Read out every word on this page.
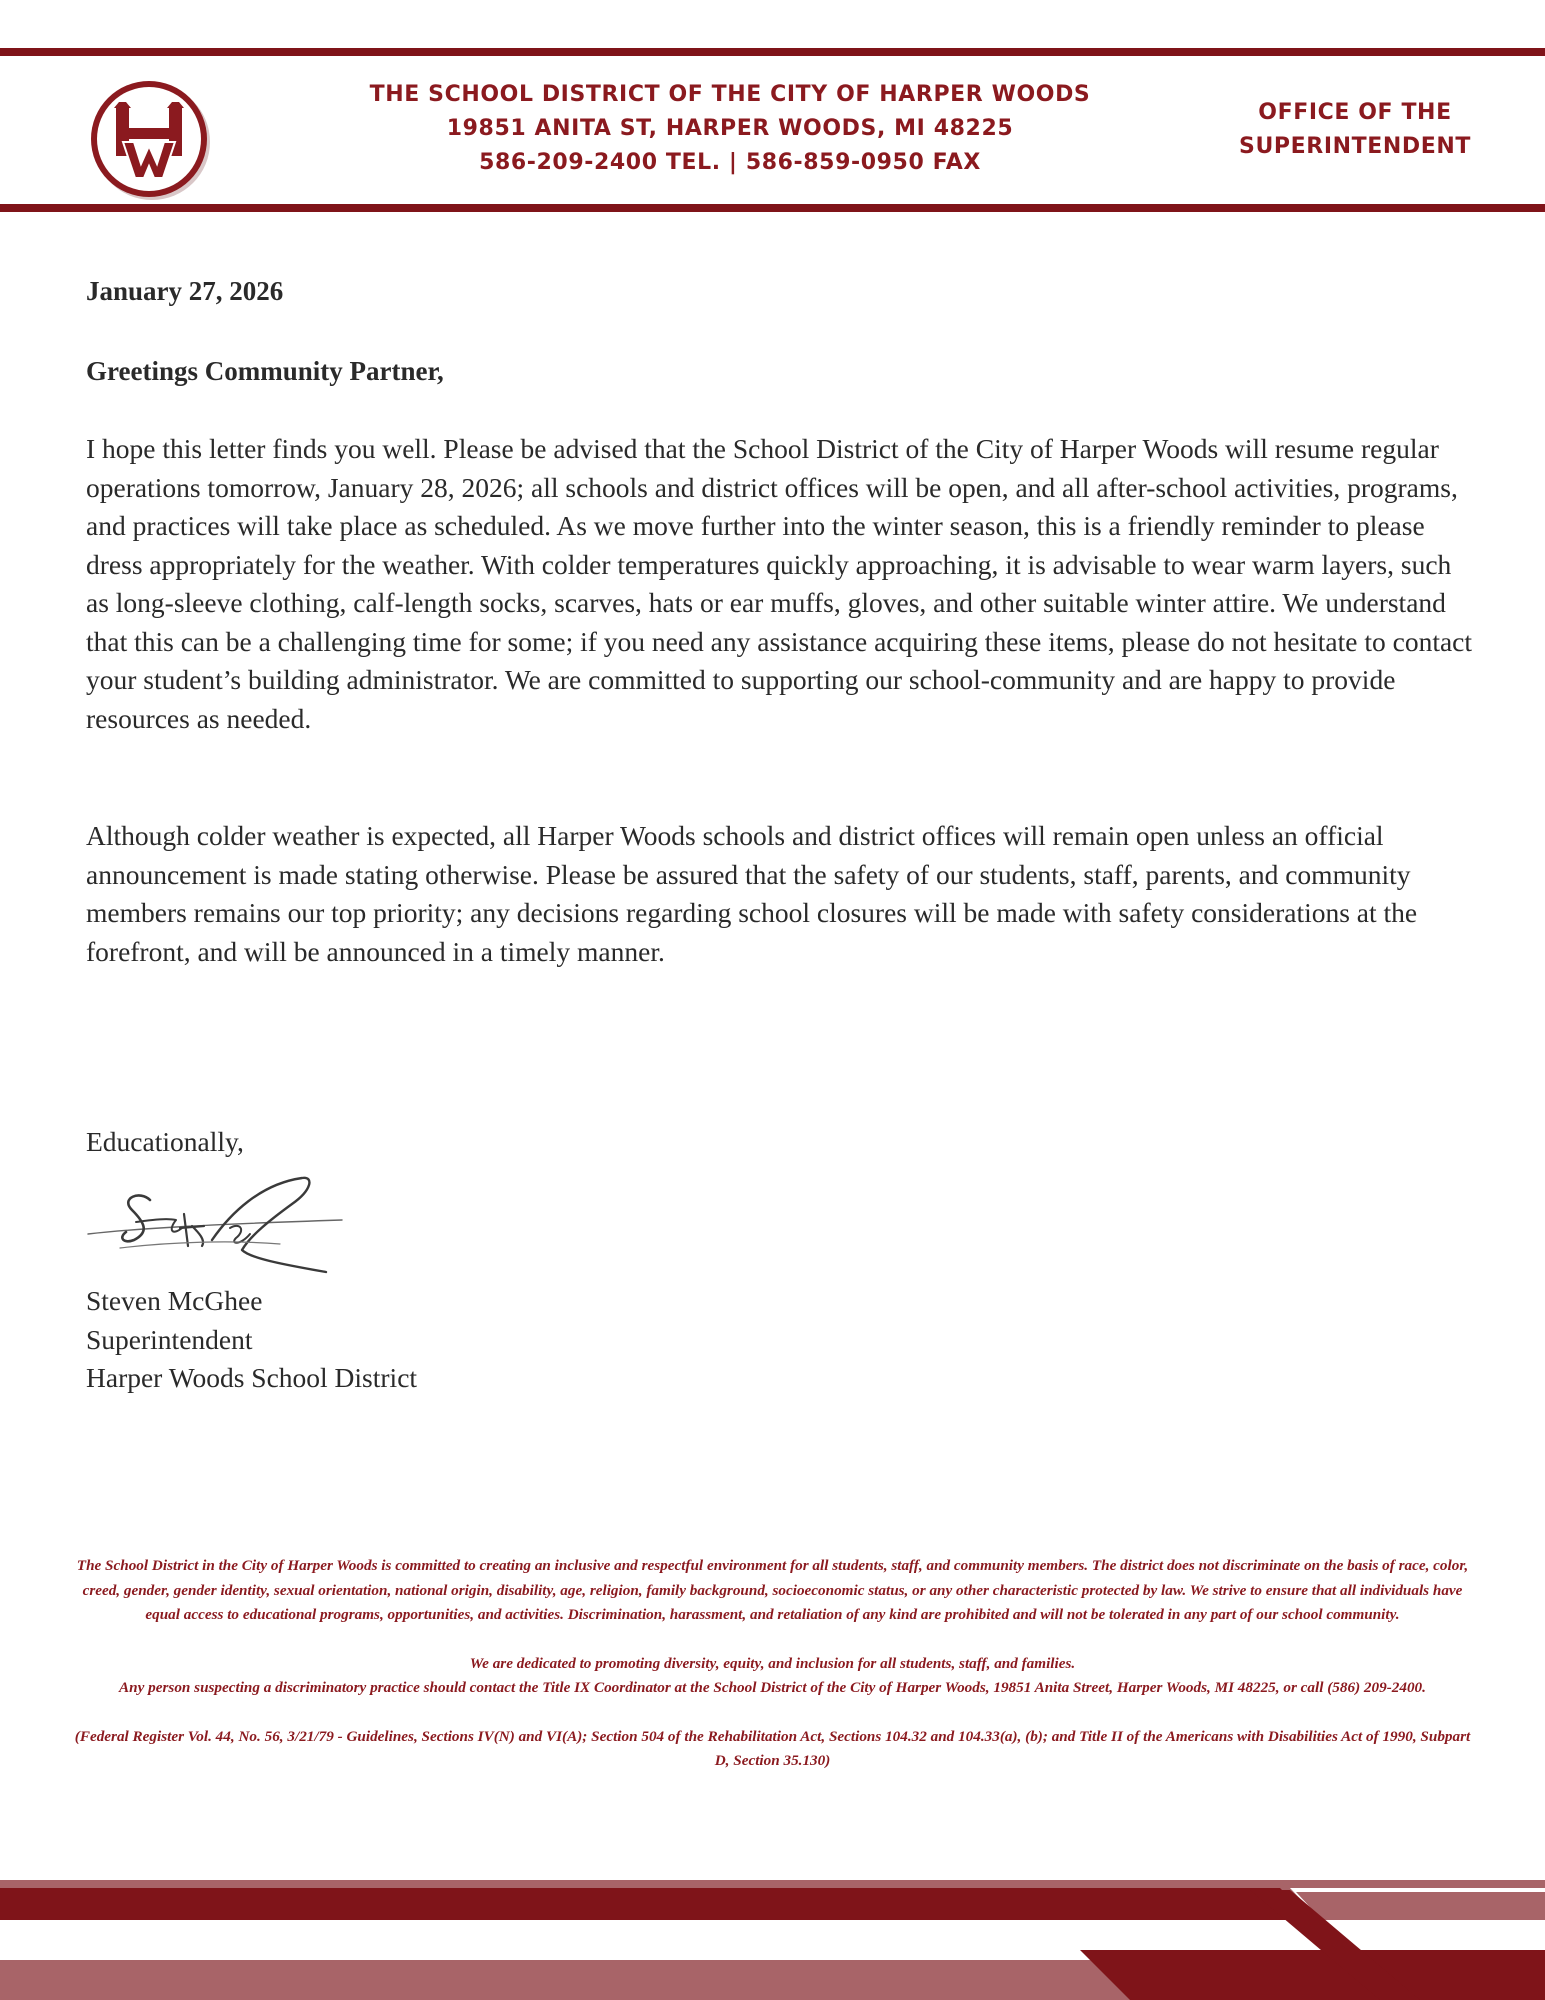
THE SCHOOL DISTRICT OF THE CITY OF HARPER WOODS
19851 ANITA ST, HARPER WOODS, MI 48225
586-209-2400 TEL. | 586-859-0950 FAX
OFFICE OF THE
SUPERINTENDENT
January 27, 2026
Greetings Community Partner,
I hope this letter finds you well. Please be advised that the School District of the City of Harper Woods will resume regular operations tomorrow, January 28, 2026; all schools and district offices will be open, and all after-school activities, programs, and practices will take place as scheduled. As we move further into the winter season, this is a friendly reminder to please dress appropriately for the weather. With colder temperatures quickly approaching, it is advisable to wear warm layers, such as long-sleeve clothing, calf-length socks, scarves, hats or ear muffs, gloves, and other suitable winter attire. We understand that this can be a challenging time for some; if you need any assistance acquiring these items, please do not hesitate to contact your student’s building administrator. We are committed to supporting our school-community and are happy to provide resources as needed.
Although colder weather is expected, all Harper Woods schools and district offices will remain open unless an official announcement is made stating otherwise. Please be assured that the safety of our students, staff, parents, and community members remains our top priority; any decisions regarding school closures will be made with safety considerations at the forefront, and will be announced in a timely manner.
Educationally,
Steven McGhee
Superintendent
Harper Woods School District

The School District in the City of Harper Woods is committed to creating an inclusive and respectful environment for all students, staff, and community members. The district does not discriminate on the basis of race, color, creed, gender, gender identity, sexual orientation, national origin, disability, age, religion, family background, socioeconomic status, or any other characteristic protected by law. We strive to ensure that all individuals have equal access to educational programs, opportunities, and activities. Discrimination, harassment, and retaliation of any kind are prohibited and will not be tolerated in any part of our school community.

We are dedicated to promoting diversity, equity, and inclusion for all students, staff, and families.
Any person suspecting a discriminatory practice should contact the Title IX Coordinator at the School District of the City of Harper Woods, 19851 Anita Street, Harper Woods, MI 48225, or call (586) 209-2400.

(Federal Register Vol. 44, No. 56, 3/21/79 - Guidelines, Sections IV(N) and VI(A); Section 504 of the Rehabilitation Act, Sections 104.32 and 104.33(a), (b); and Title II of the Americans with Disabilities Act of 1990, Subpart D, Section 35.130)
